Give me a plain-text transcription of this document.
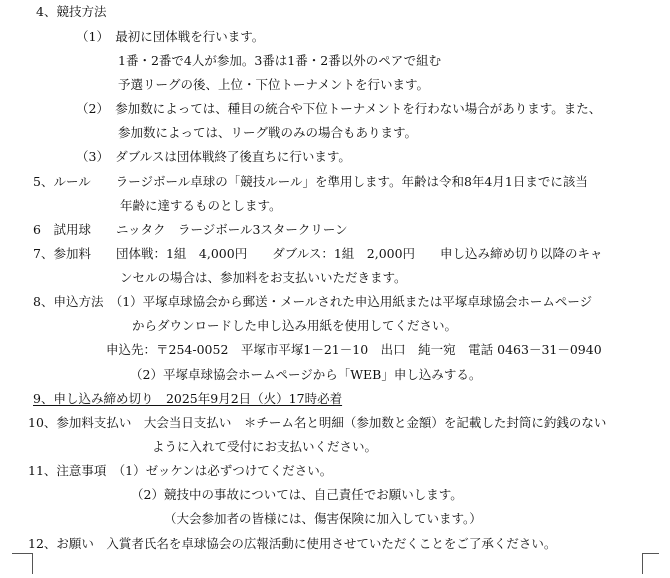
4、競技方法
（1）　最初に団体戦を行います。
1番・2番で4人が参加。3番は1番・2番以外のペアで組む
予選リーグの後、上位・下位トーナメントを行います。
（2）　参加数によっては、種目の統合や下位トーナメントを行わない場合があります。また、
参加数によっては、リーグ戦のみの場合もあります。
（3）　ダブルスは団体戦終了後直ちに行います。
5、ルール　　ラージボール卓球の「競技ルール」を準用します。年齢は令和8年4月1日までに該当
年齢に達するものとします。
6　試用球　　ニッタク　ラージボール3スタークリーン
7、参加料　　団体戦：1組　4,000円　　ダブルス：1組　2,000円　　申し込み締め切り以降のキャ
ンセルの場合は、参加料をお支払いいただきます。
8、申込方法　（1）平塚卓球協会から郵送・メールされた申込用紙または平塚卓球協会ホームページ
からダウンロードした申し込み用紙を使用してください。
申込先：〒254-0052　平塚市平塚1－21－10　出口　純一宛　電話 0463－31－0940
（2）平塚卓球協会ホームページから「WEB」申し込みする。
9、申し込み締め切り　2025年9月2日（火）17時必着
10、参加料支払い　大会当日支払い　＊チーム名と明細（参加数と金額）を記載した封筒に釣銭のない
ように入れて受付にお支払いください。
11、注意事項　（1）ゼッケンは必ずつけてください。
（2）競技中の事故については、自己責任でお願いします。
（大会参加者の皆様には、傷害保険に加入しています。）
12、お願い　入賞者氏名を卓球協会の広報活動に使用させていただくことをご了承ください。
